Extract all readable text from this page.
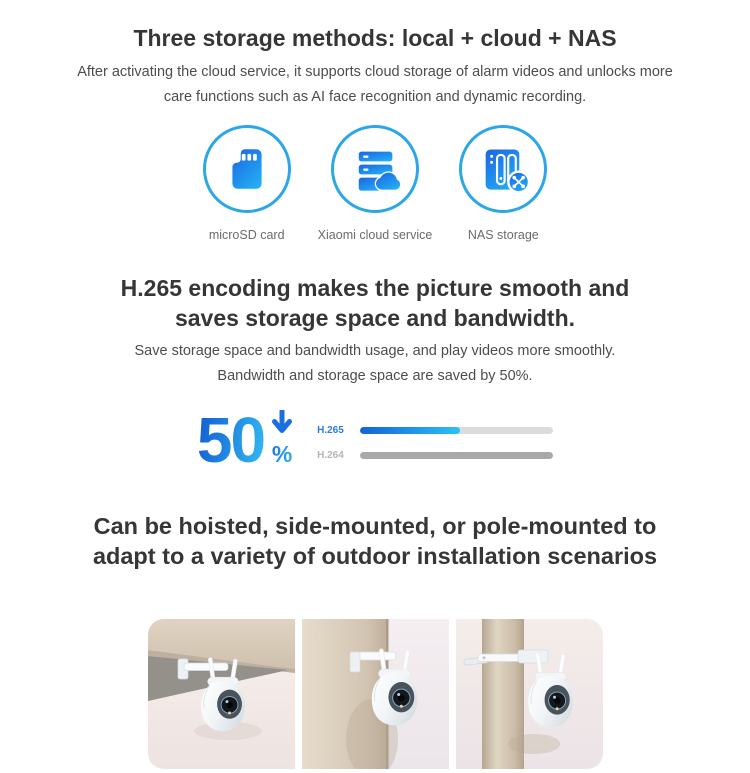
Three storage methods: local + cloud + NAS

After activating the cloud service, it supports cloud storage of alarm videos and unlocks more
care functions such as AI face recognition and dynamic recording.

microSD card	Xiaomi cloud service	NAS storage
H.265 encoding makes the picture smooth and
saves storage space and bandwidth.

Save storage space and bandwidth usage, and play videos more smoothly.
Bandwidth and storage space are saved by 50%.

50 %
H.265
H.264
Can be hoisted, side-mounted, or pole-mounted to
adapt to a variety of outdoor installation scenarios
